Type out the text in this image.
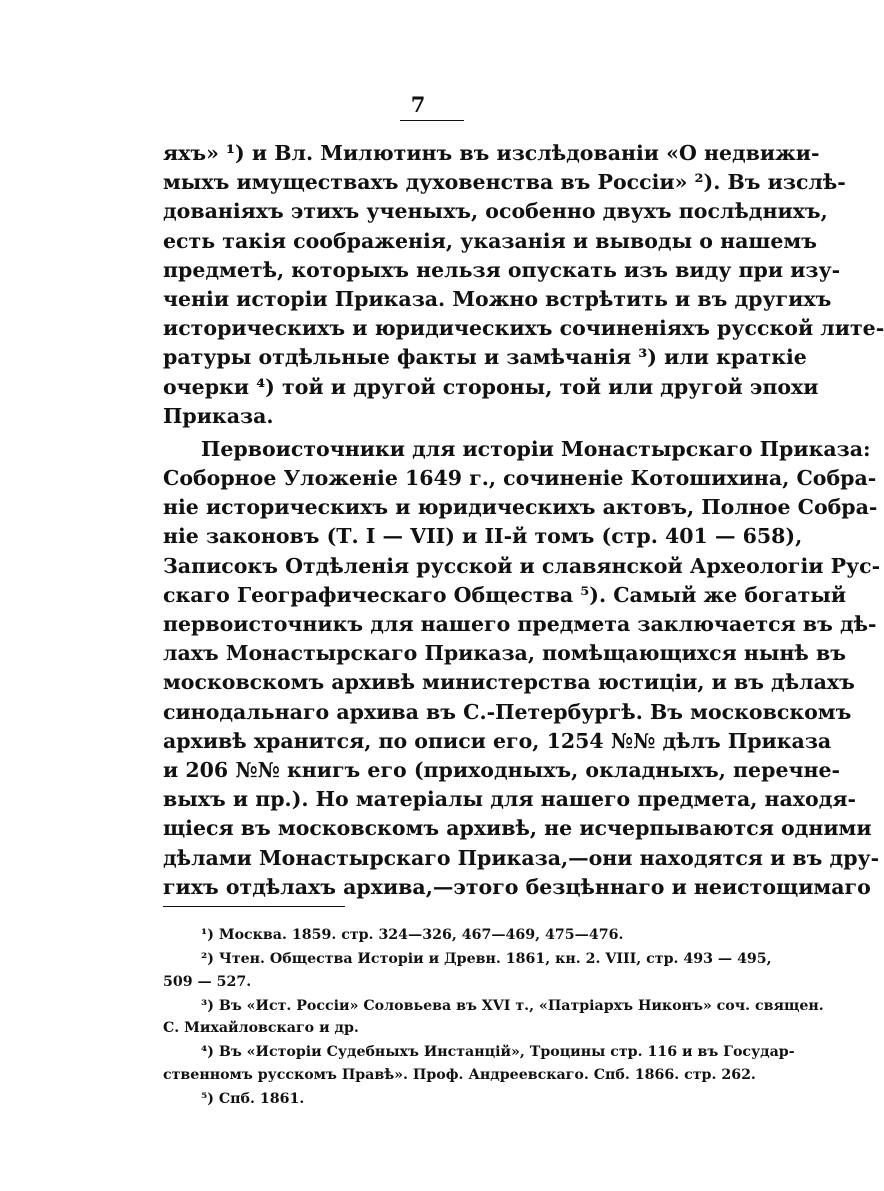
7
яхъ» ¹) и Вл. Милютинъ въ изслѣдованіи «О недвижи-
мыхъ имуществахъ духовенства въ Россіи» ²). Въ изслѣ-
дованіяхъ этихъ ученыхъ, особенно двухъ послѣднихъ,
есть такія соображенія, указанія и выводы о нашемъ
предметѣ, которыхъ нельзя опускать изъ виду при изу-
ченіи исторіи Приказа. Можно встрѣтить и въ другихъ
историческихъ и юридическихъ сочиненіяхъ русской лите-
ратуры отдѣльные факты и замѣчанія ³) или краткіе
очерки ⁴) той и другой стороны, той или другой эпохи
Приказа.
Первоисточники для исторіи Монастырскаго Приказа:
Соборное Уложеніе 1649 г., сочиненіе Котошихина, Собра-
ніе историческихъ и юридическихъ актовъ, Полное Собра-
ніе законовъ (Т. I — VII) и II-й томъ (стр. 401 — 658),
Записокъ Отдѣленія русской и славянской Археологіи Рус-
скаго Географическаго Общества ⁵). Самый же богатый
первоисточникъ для нашего предмета заключается въ дѣ-
лахъ Монастырскаго Приказа, помѣщающихся нынѣ въ
московскомъ архивѣ министерства юстиціи, и въ дѣлахъ
синодальнаго архива въ С.-Петербургѣ. Въ московскомъ
архивѣ хранится, по описи его, 1254 №№ дѣлъ Приказа
и 206 №№ книгъ его (приходныхъ, окладныхъ, перечне-
выхъ и пр.). Но матеріалы для нашего предмета, находя-
щіеся въ московскомъ архивѣ, не исчерпываются одними
дѣлами Монастырскаго Приказа,—они находятся и въ дру-
гихъ отдѣлахъ архива,—этого безцѣннаго и неистощимаго
¹) Москва. 1859. стр. 324—326, 467—469, 475—476.
²) Чтен. Общества Исторіи и Древн. 1861, кн. 2. VIII, стр. 493 — 495,
509 — 527.
³) Въ «Ист. Россіи» Соловьева въ XVI т., «Патріархъ Никонъ» соч. священ.
С. Михайловскаго и др.
⁴) Въ «Исторіи Судебныхъ Инстанцій», Троцины стр. 116 и въ Государ-
ственномъ русскомъ Правѣ». Проф. Андреевскаго. Спб. 1866. стр. 262.
⁵) Спб. 1861.
